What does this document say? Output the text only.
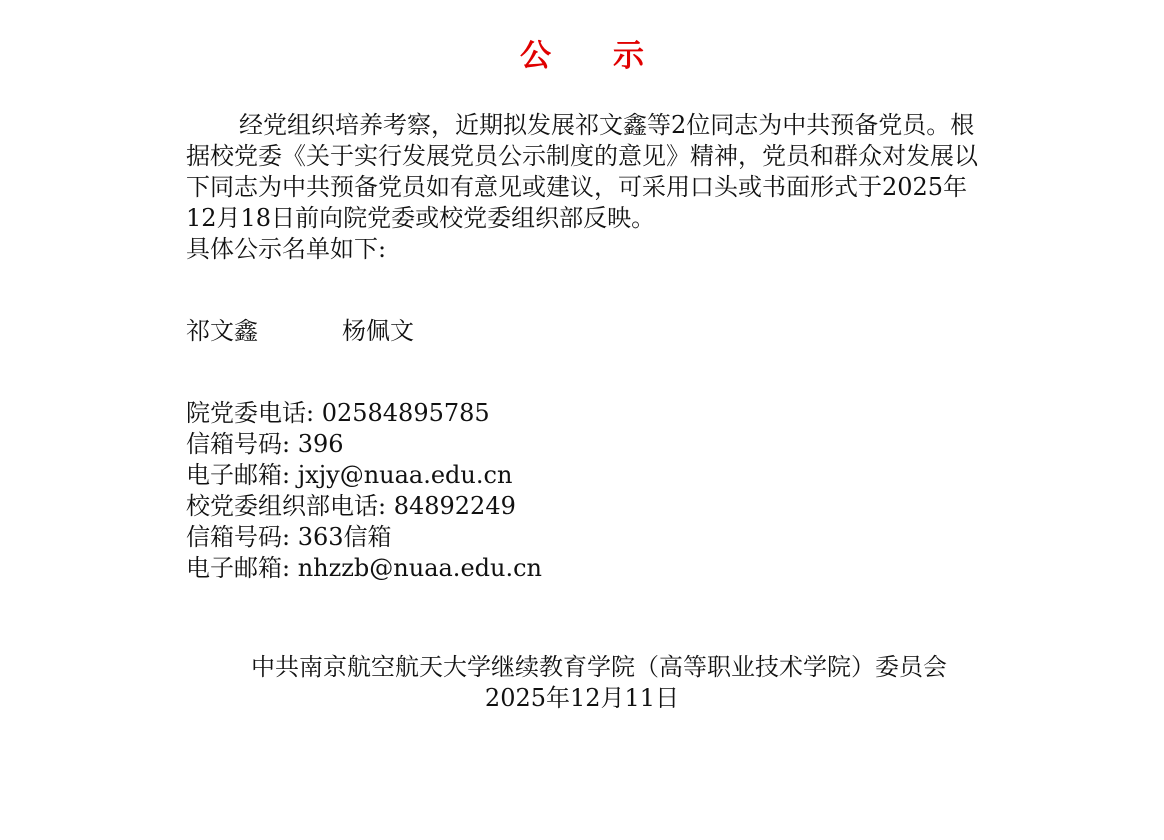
公 示

经党组织培养考察，近期拟发展祁文鑫等2位同志为中共预备党员。根据校党委《关于实行发展党员公示制度的意见》精神，党员和群众对发展以下同志为中共预备党员如有意见或建议，可采用口头或书面形式于2025年12月18日前向院党委或校党委组织部反映。

具体公示名单如下:

祁文鑫	杨佩文

院党委电话: 02584895785

信箱号码: 396

电子邮箱: jxjy@nuaa.edu.cn

校党委组织部电话: 84892249

信箱号码: 363信箱

电子邮箱: nhzzb@nuaa.edu.cn

中共南京航空航天大学继续教育学院（高等职业技术学院）委员会
2025年12月11日
